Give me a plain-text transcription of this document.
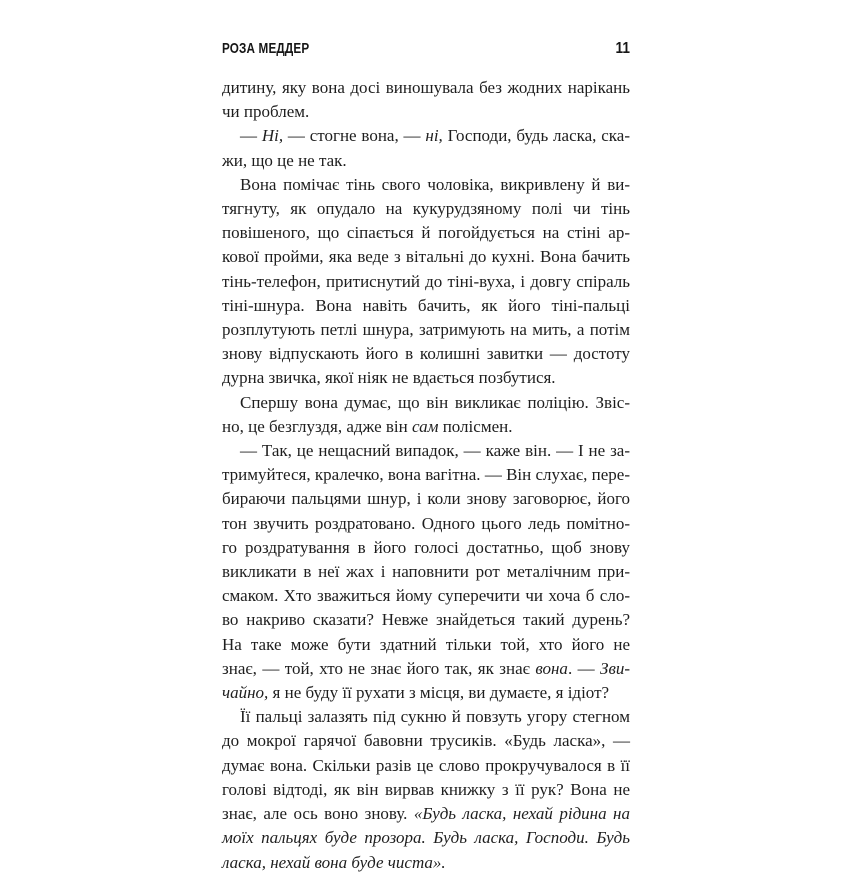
РОЗА МЕДДЕР	11
дитину, яку вона досі виношувала без жодних нарікань
чи проблем.
— Ні, — стогне вона, — ні, Господи, будь ласка, ска-
жи, що це не так.
Вона помічає тінь свого чоловіка, викривлену й ви-
тягнуту, як опудало на кукурудзяному полі чи тінь
повішеного, що сіпається й погойдується на стіні ар-
кової пройми, яка веде з вітальні до кухні. Вона бачить
тінь-телефон, притиснутий до тіні-вуха, і довгу спіраль
тіні-шнура. Вона навіть бачить, як його тіні-пальці
розплутують петлі шнура, затримують на мить, а потім
знову відпускають його в колишні завитки — достоту
дурна звичка, якої ніяк не вдається позбутися.
Спершу вона думає, що він викликає поліцію. Звіс-
но, це безглуздя, адже він сам полісмен.
— Так, це нещасний випадок, — каже він. — І не за-
тримуйтеся, кралечко, вона вагітна. — Він слухає, пере-
бираючи пальцями шнур, і коли знову заговорює, його
тон звучить роздратовано. Одного цього ледь помітно-
го роздратування в його голосі достатньо, щоб знову
викликати в неї жах і наповнити рот металічним при-
смаком. Хто зважиться йому суперечити чи хоча б сло-
во накриво сказати? Невже знайдеться такий дурень?
На таке може бути здатний тільки той, хто його не
знає, — той, хто не знає його так, як знає вона. — Зви-
чайно, я не буду її рухати з місця, ви думаєте, я ідіот?
Її пальці залазять під сукню й повзуть угору стегном
до мокрої гарячої бавовни трусиків. «Будь ласка», —
думає вона. Скільки разів це слово прокручувалося в її
голові відтоді, як він вирвав книжку з її рук? Вона не
знає, але ось воно знову. «Будь ласка, нехай рідина на
моїх пальцях буде прозора. Будь ласка, Господи. Будь
ласка, нехай вона буде чиста».
